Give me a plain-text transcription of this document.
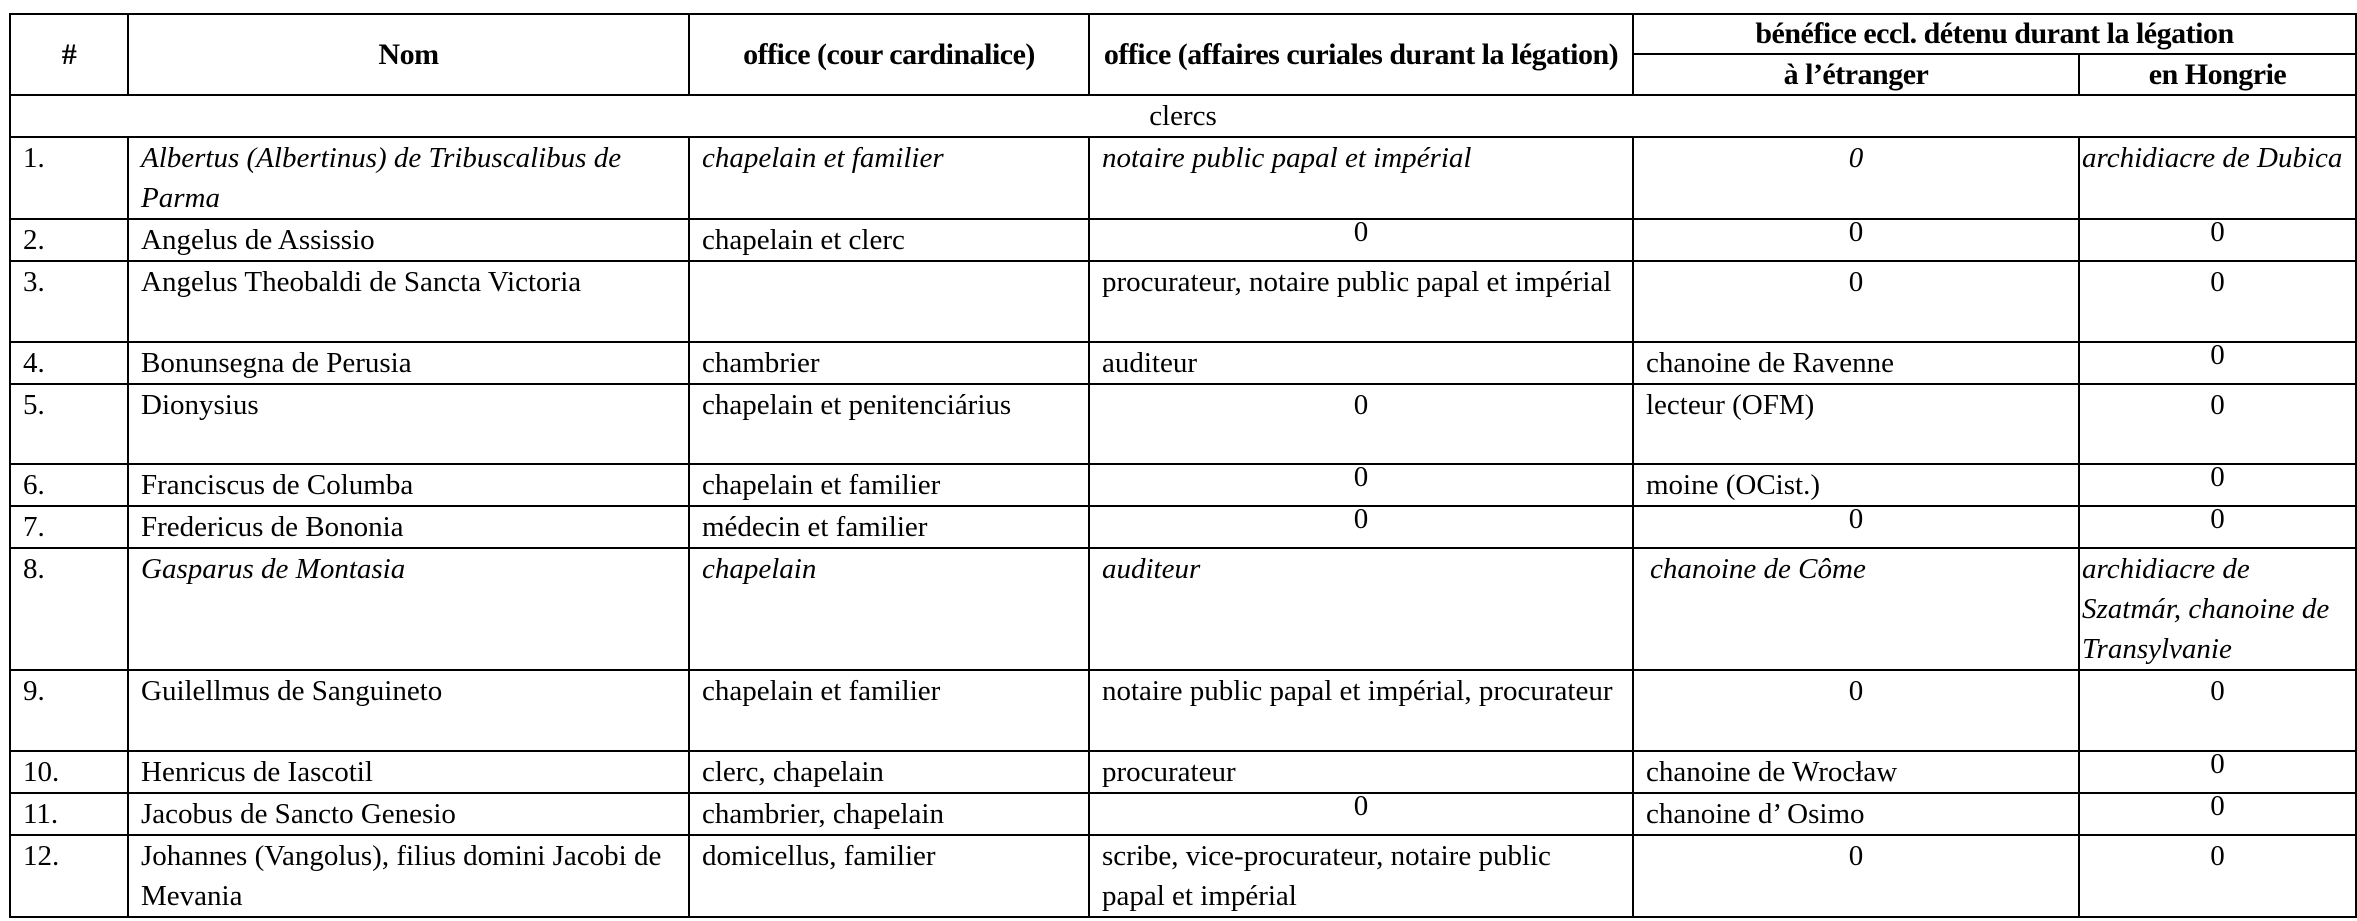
#	Nom	office (cour cardinalice)	office (affaires curiales durant la légation)	bénéfice eccl. détenu durant la légation	
				à l’étranger	en Hongrie
clercs					
1.	Albertus (Albertinus) de Tribuscalibus de Parma	chapelain et familier	notaire public papal et impérial	0	archidiacre de Dubica
2.	Angelus de Assissio	chapelain et clerc	0	0	0
3.	Angelus Theobaldi de Sancta Victoria		procurateur, notaire public papal et impérial	0	0
4.	Bonunsegna de Perusia	chambrier	auditeur	chanoine de Ravenne	0
5.	Dionysius	chapelain et penitenciárius	0	lecteur (OFM)	0
6.	Franciscus de Columba	chapelain et familier	0	moine (OCist.)	0
7.	Fredericus de Bononia	médecin et familier	0	0	0
8.	Gasparus de Montasia	chapelain	auditeur	chanoine de Côme	archidiacre de Szatmár, chanoine de Transylvanie
9.	Guilellmus de Sanguineto	chapelain et familier	notaire public papal et impérial, procurateur	0	0
10.	Henricus de Iascotil	clerc, chapelain	procurateur	chanoine de Wrocław	0
11.	Jacobus de Sancto Genesio	chambrier, chapelain	0	chanoine d’ Osimo	0
12.	Johannes (Vangolus), filius domini Jacobi de Mevania	domicellus, familier	scribe, vice-procurateur, notaire public papal et impérial	0	0
